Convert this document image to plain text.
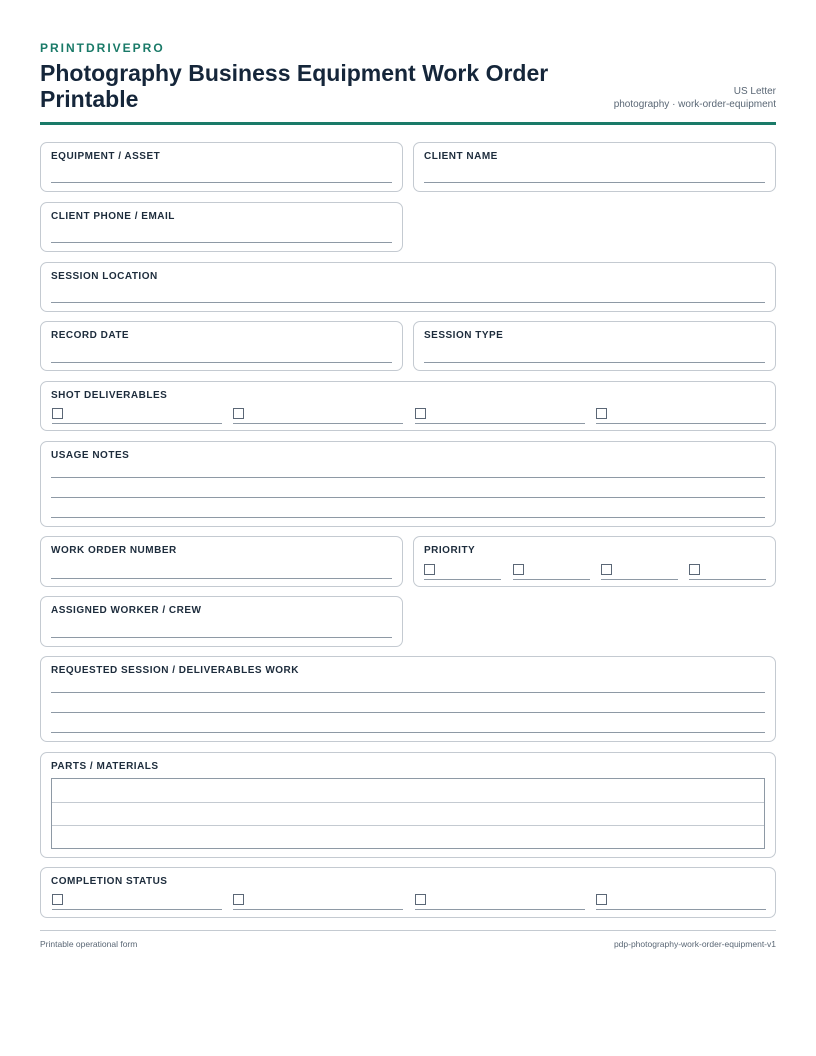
PRINTDRIVEPRO
Photography Business Equipment Work Order Printable	US Letter
photography · work-order-equipment
EQUIPMENT / ASSET	CLIENT NAME
CLIENT PHONE / EMAIL
SESSION LOCATION
RECORD DATE	SESSION TYPE
SHOT DELIVERABLES
USAGE NOTES
WORK ORDER NUMBER	PRIORITY
ASSIGNED WORKER / CREW
REQUESTED SESSION / DELIVERABLES WORK
PARTS / MATERIALS
COMPLETION STATUS
Printable operational form	pdp-photography-work-order-equipment-v1
